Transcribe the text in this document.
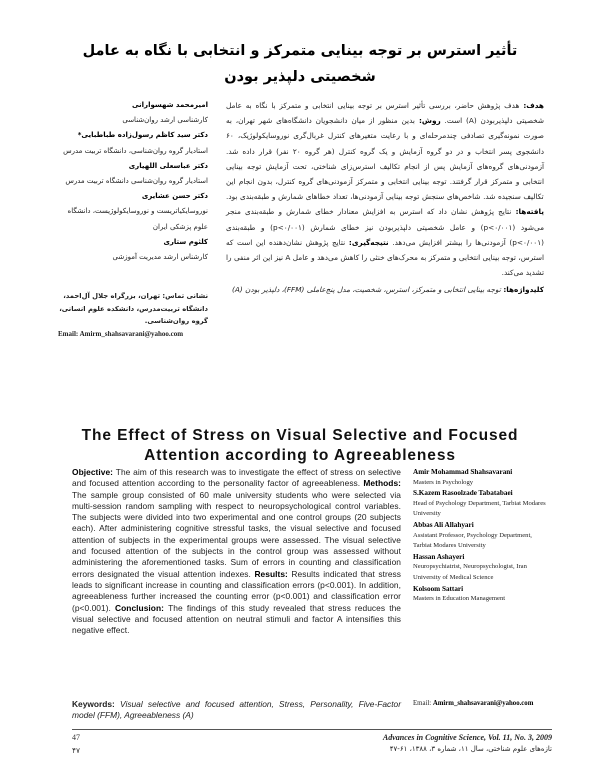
تأثیر استرس بر توجه بینایی متمرکز و انتخابی با نگاه به عامل
شخصیتی دلپذیر بودن
هدف: هدف پژوهش حاضر، بررسی تأثیر استرس بر توجه بینایی انتخابی و متمرکز با نگاه به عامل شخصیتی دلپذیربودن (A) است. روش: بدین منظور از میان دانشجویان دانشگاه‌های شهر تهران، به صورت نمونه‌گیری تصادفی چندمرحله‌ای و با رعایت متغیرهای کنترل غربال‌گری نوروسایکولوژیک، ۶۰ دانشجوی پسر انتخاب و در دو گروه آزمایش و یک گروه کنترل (هر گروه ۲۰ نفر) قرار داده شد. آزمودنی‌های گروه‌های آزمایش پس از انجام تکالیف استرس‌زای شناختی، تحت آزمایش توجه بینایی انتخابی و متمرکز قرار گرفتند. توجه بینایی انتخابی و متمرکز آزمودنی‌های گروه کنترل، بدون انجام این تکالیف سنجیده شد. شاخص‌های سنجش توجه بینایی آزمودنی‌ها، تعداد خطاهای شمارش و طبقه‌بندی بود. یافته‌ها: نتایج پژوهش نشان داد که استرس به افزایش معنادار خطای شمارش و طبقه‌بندی منجر می‌شود (p<۰/۰۰۱) و عامل شخصیتی دلپذیربودن نیز خطای شمارش (p<۰/۰۰۱) و طبقه‌بندی (p<۰/۰۰۱) آزمودنی‌ها را بیشتر افزایش می‌دهد. نتیجه‌گیری: نتایج پژوهش نشان‌دهنده این است که استرس، توجه بینایی انتخابی و متمرکز به محرک‌های خنثی را کاهش می‌دهد و عامل A نیز این اثر منفی را تشدید می‌کند.
کلیدواژه‌ها: توجه بینایی انتخابی و متمرکز، استرس، شخصیت، مدل پنج‌عاملی (FFM)، دلپذیر بودن (A)
امیرمحمد شهسوارانی
کارشناسی ارشد روان‌شناسی
دکتر سید کاظم رسول‌زاده طباطبایی*
استادیار گروه روان‌شناسی، دانشگاه تربیت مدرس
دکتر عباسعلی اللهیاری
استادیار گروه روان‌شناسی دانشگاه تربیت مدرس
دکتر حسن عشایری
نوروسایکیاتریست و نوروسایکولوژیست، دانشگاه علوم پزشکی ایران
کلثوم ستاری
کارشناس ارشد مدیریت آموزشی
نشانی تماس: تهران، بزرگراه جلال آل‌احمد، دانشگاه تربیت‌مدرس، دانشکده علوم انسانی، گروه روان‌شناسی.
Email: Amirm_shahsavarani@yahoo.com
The Effect of Stress on Visual Selective and Focused
Attention according to Agreeableness
Objective: The aim of this research was to investigate the effect of stress on selective and focused attention according to the personality factor of agreeableness. Methods: The sample group consisted of 60 male university students who were selected via multi-session random sampling with respect to neuropsychological control variables. The subjects were divided into two experimental and one control groups (20 subjects each). After administering cognitive stressful tasks, the visual selective and focused attention of subjects in the experimental groups were assessed. The visual selective and focused attention of the subjects in the control group was assessed without administering the aforementioned tasks. Sum of errors in counting and classification errors designated the visual attention indexes. Results: Results indicated that stress leads to significant increase in counting and classification errors (p<0.001). In addition, agreeableness further increased the counting error (p<0.001) and classification error (p<0.001). Conclusion: The findings of this study revealed that stress reduces the visual selective and focused attention on neutral stimuli and factor A intensifies this negative effect.
Keywords: Visual selective and focused attention, Stress, Personality, Five-Factor model (FFM), Agreeableness (A)
Amir Mohammad Shahsavarani
Masters in Psychology
S.Kazem Rasoolzade Tabatabaei
Head of Psychology Department, Tarbiat Modares University
Abbas Ali Allahyari
Assistant Professor, Psychology Department, Tarbiat Modares University
Hassan Ashayeri
Neuropsychiatrist, Neuropsychologist, Iran University of Medical Science
Kolsoom Sattari
Masters in Education Management
Email: Amirm_shahsavarani@yahoo.com
47	Advances in Cognitive Science, Vol. 11, No. 3, 2009
۴۷	تازه‌های علوم شناختی، سال ۱۱، شماره ۳، ۱۳۸۸، ۶۱-۴۷
